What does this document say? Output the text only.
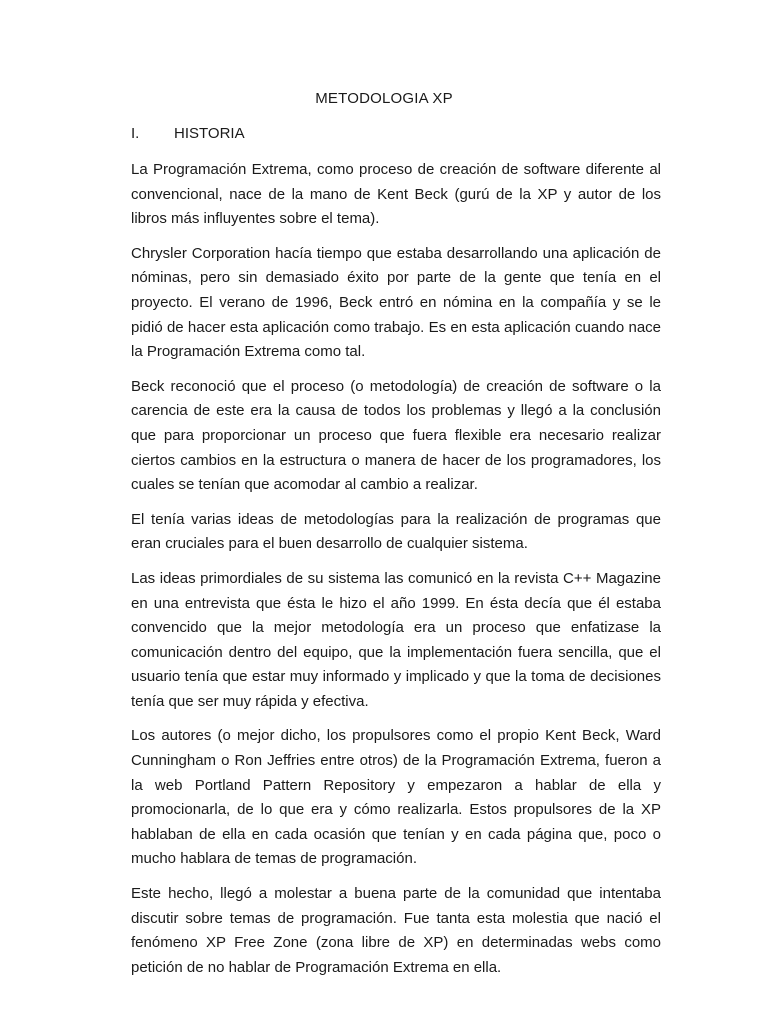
METODOLOGIA XP
I. HISTORIA

La Programación Extrema, como proceso de creación de software diferente al convencional, nace de la mano de Kent Beck (gurú de la XP y autor de los libros más influyentes sobre el tema).

Chrysler Corporation hacía tiempo que estaba desarrollando una aplicación de nóminas, pero sin demasiado éxito por parte de la gente que tenía en el proyecto. El verano de 1996, Beck entró en nómina en la compañía y se le pidió de hacer esta aplicación como trabajo. Es en esta aplicación cuando nace la Programación Extrema como tal.

Beck reconoció que el proceso (o metodología) de creación de software o la carencia de este era la causa de todos los problemas y llegó a la conclusión que para proporcionar un proceso que fuera flexible era necesario realizar ciertos cambios en la estructura o manera de hacer de los programadores, los cuales se tenían que acomodar al cambio a realizar.

El tenía varias ideas de metodologías para la realización de programas que eran cruciales para el buen desarrollo de cualquier sistema.

Las ideas primordiales de su sistema las comunicó en la revista C++ Magazine en una entrevista que ésta le hizo el año 1999. En ésta decía que él estaba convencido que la mejor metodología era un proceso que enfatizase la comunicación dentro del equipo, que la implementación fuera sencilla, que el usuario tenía que estar muy informado y implicado y que la toma de decisiones tenía que ser muy rápida y efectiva.

Los autores (o mejor dicho, los propulsores como el propio Kent Beck, Ward Cunningham o Ron Jeffries entre otros) de la Programación Extrema, fueron a la web Portland Pattern Repository y empezaron a hablar de ella y promocionarla, de lo que era y cómo realizarla. Estos propulsores de la XP hablaban de ella en cada ocasión que tenían y en cada página que, poco o mucho hablara de temas de programación.

Este hecho, llegó a molestar a buena parte de la comunidad que intentaba discutir sobre temas de programación. Fue tanta esta molestia que nació el fenómeno XP Free Zone (zona libre de XP) en determinadas webs como petición de no hablar de Programación Extrema en ella.
